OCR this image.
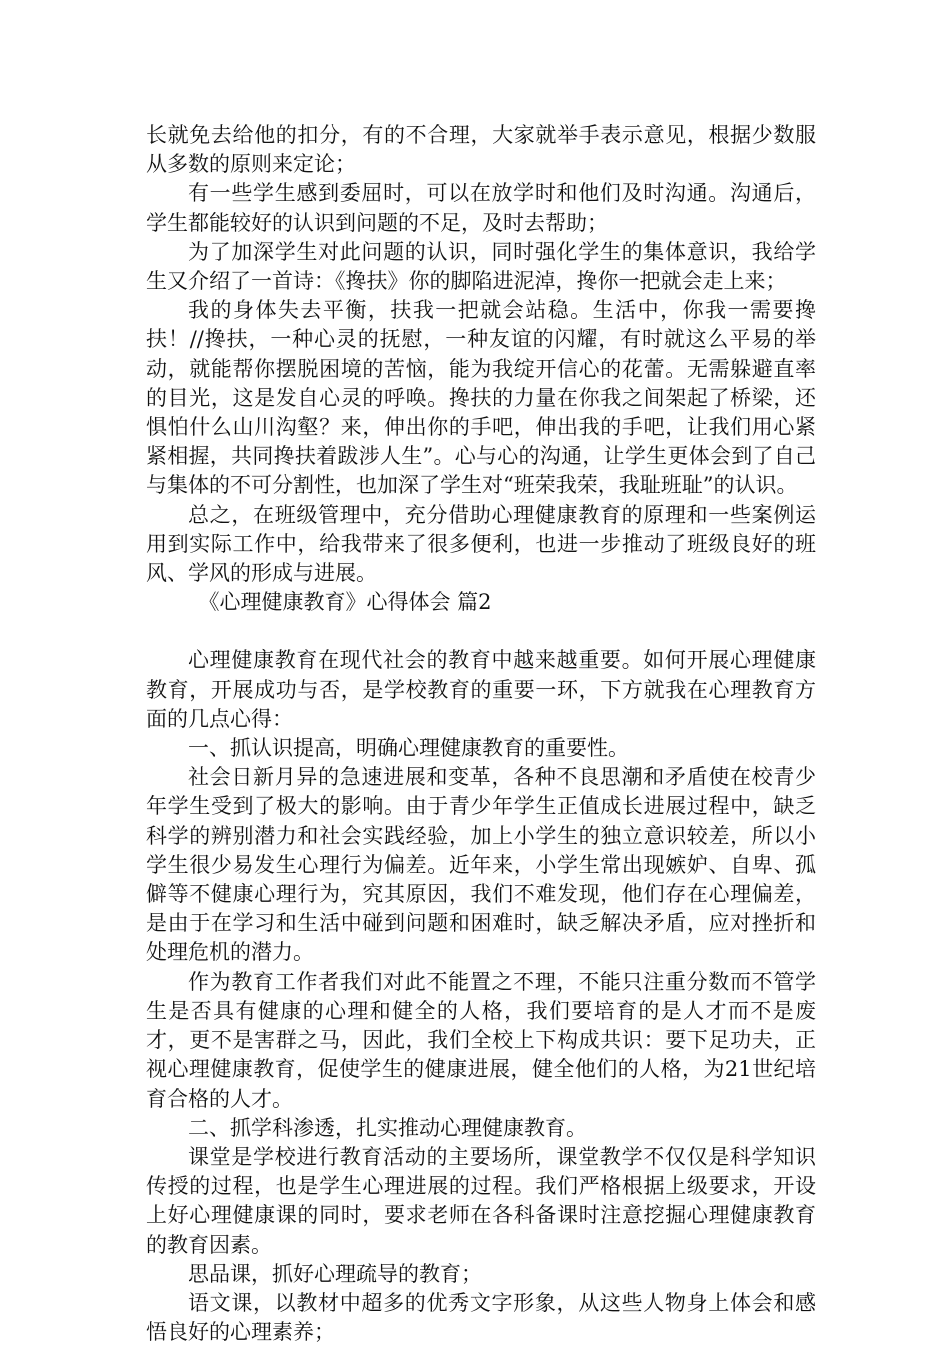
长就免去给他的扣分，有的不合理，大家就举手表示意见，根据少数服从多数的原则来定论；

有一些学生感到委屈时，可以在放学时和他们及时沟通。沟通后，学生都能较好的认识到问题的不足，及时去帮助；

为了加深学生对此问题的认识，同时强化学生的集体意识，我给学生又介绍了一首诗：《搀扶》你的脚陷进泥淖，搀你一把就会走上来；

我的身体失去平衡，扶我一把就会站稳。生活中，你我一需要搀扶！//搀扶，一种心灵的抚慰，一种友谊的闪耀，有时就这么平易的举动，就能帮你摆脱困境的苦恼，能为我绽开信心的花蕾。无需躲避直率的目光，这是发自心灵的呼唤。搀扶的力量在你我之间架起了桥梁，还惧怕什么山川沟壑？来，伸出你的手吧，伸出我的手吧，让我们用心紧紧相握，共同搀扶着跋涉人生”。心与心的沟通，让学生更体会到了自己与集体的不可分割性，也加深了学生对“班荣我荣，我耻班耻”的认识。

总之，在班级管理中，充分借助心理健康教育的原理和一些案例运用到实际工作中，给我带来了很多便利，也进一步推动了班级良好的班风、学风的形成与进展。

《心理健康教育》心得体会 篇2

心理健康教育在现代社会的教育中越来越重要。如何开展心理健康教育，开展成功与否，是学校教育的重要一环，下方就我在心理教育方面的几点心得：

一、抓认识提高，明确心理健康教育的重要性。

社会日新月异的急速进展和变革，各种不良思潮和矛盾使在校青少年学生受到了极大的影响。由于青少年学生正值成长进展过程中，缺乏科学的辨别潜力和社会实践经验，加上小学生的独立意识较差，所以小学生很少易发生心理行为偏差。近年来，小学生常出现嫉妒、自卑、孤僻等不健康心理行为，究其原因，我们不难发现，他们存在心理偏差，是由于在学习和生活中碰到问题和困难时，缺乏解决矛盾，应对挫折和处理危机的潜力。

作为教育工作者我们对此不能置之不理，不能只注重分数而不管学生是否具有健康的心理和健全的人格，我们要培育的是人才而不是废才，更不是害群之马，因此，我们全校上下构成共识：要下足功夫，正视心理健康教育，促使学生的健康进展，健全他们的人格，为21世纪培育合格的人才。

二、抓学科渗透，扎实推动心理健康教育。

课堂是学校进行教育活动的主要场所，课堂教学不仅仅是科学知识传授的过程，也是学生心理进展的过程。我们严格根据上级要求，开设上好心理健康课的同时，要求老师在各科备课时注意挖掘心理健康教育的教育因素。

思品课，抓好心理疏导的教育；

语文课，以教材中超多的优秀文字形象，从这些人物身上体会和感悟良好的心理素养；
